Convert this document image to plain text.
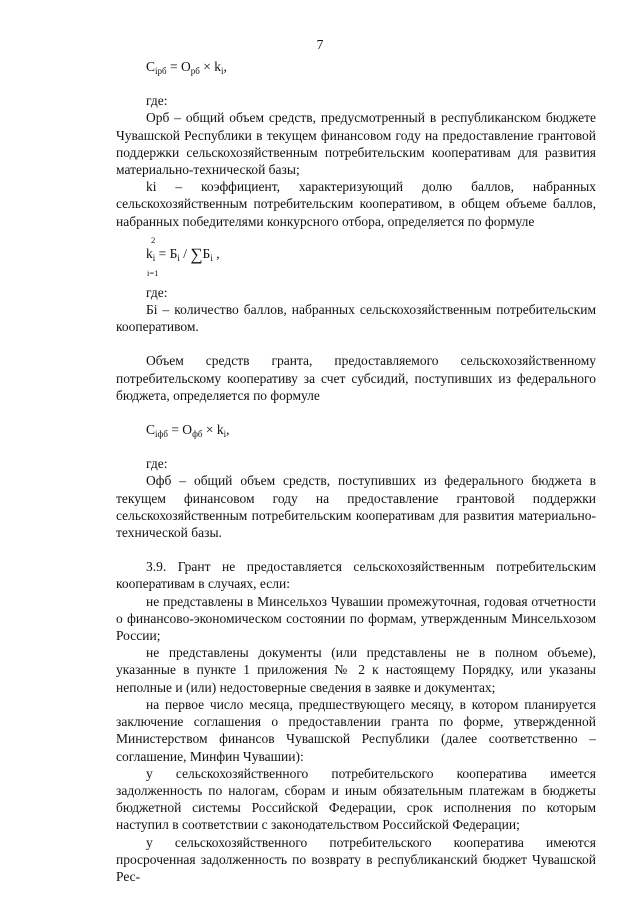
7

$С_{ірб} = О_{рб} \times k_i$,

где:

Орб – общий объем средств, предусмотренный в республиканском бюджете Чувашской Республики в текущем финансовом году на предоставление грантовой поддержки сельскохозяйственным потребительским кооперативам для развития материально-технической базы;

ki – коэффициент, характеризующий долю баллов, набранных сельскохозяйственным потребительским кооперативом, в общем объеме баллов, набранных победителями конкурсного отбора, определяется по формуле

2
$k_i = Б_i / \sum Б_i$ ,
i=1

где:

Бi – количество баллов, набранных сельскохозяйственным потребительским кооперативом.

Объем средств гранта, предоставляемого сельскохозяйственному потребительскому кооперативу за счет субсидий, поступивших из федерального бюджета, определяется по формуле

$С_{іфб} = О_{фб} \times k_i$,

где:

Офб – общий объем средств, поступивших из федерального бюджета в текущем финансовом году на предоставление грантовой поддержки сельскохозяйственным потребительским кооперативам для развития материально-технической базы.

3.9. Грант не предоставляется сельскохозяйственным потребительским кооперативам в случаях, если:

не представлены в Минсельхоз Чувашии промежуточная, годовая отчетности о финансово-экономическом состоянии по формам, утвержденным Минсельхозом России;

не представлены документы (или представлены не в полном объеме), указанные в пункте 1 приложения № 2 к настоящему Порядку, или указаны неполные и (или) недостоверные сведения в заявке и документах;

на первое число месяца, предшествующего месяцу, в котором планируется заключение соглашения о предоставлении гранта по форме, утвержденной Министерством финансов Чувашской Республики (далее соответственно – соглашение, Минфин Чувашии):

у сельскохозяйственного потребительского кооператива имеется задолженность по налогам, сборам и иным обязательным платежам в бюджеты бюджетной системы Российской Федерации, срок исполнения по которым наступил в соответствии с законодательством Российской Федерации;

у сельскохозяйственного потребительского кооператива имеются просроченная задолженность по возврату в республиканский бюджет Чувашской Рес-
